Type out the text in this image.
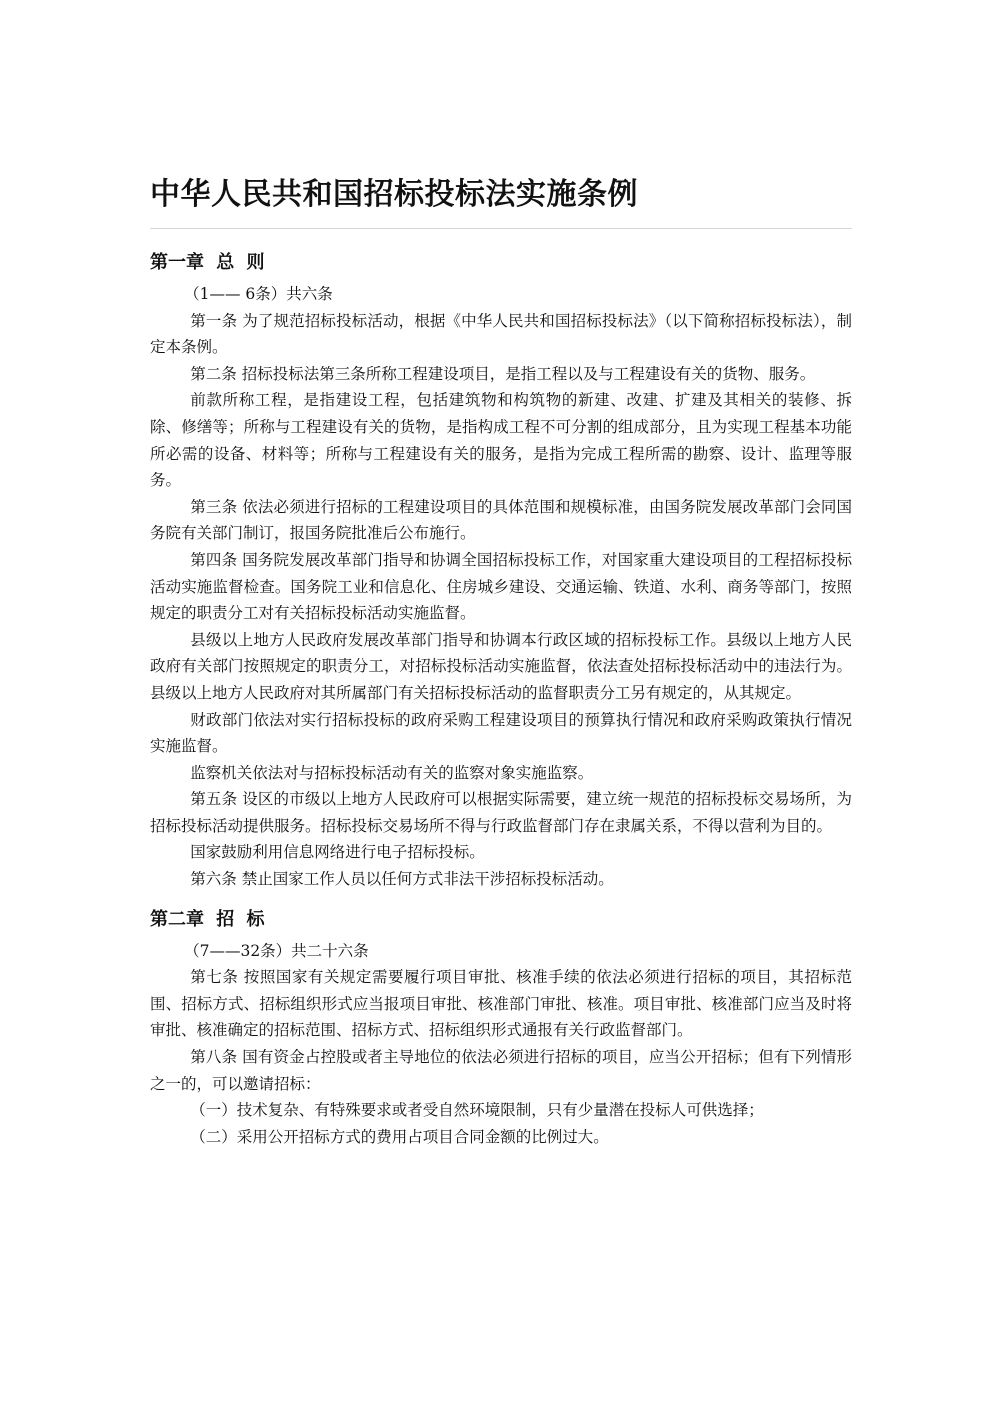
中华人民共和国招标投标法实施条例
第一章 总 则

（1—— 6条）共六条

第一条 为了规范招标投标活动，根据《中华人民共和国招标投标法》（以下简称招标投标法），制定本条例。

第二条 招标投标法第三条所称工程建设项目，是指工程以及与工程建设有关的货物、服务。

前款所称工程，是指建设工程，包括建筑物和构筑物的新建、改建、扩建及其相关的装修、拆除、修缮等；所称与工程建设有关的货物，是指构成工程不可分割的组成部分，且为实现工程基本功能所必需的设备、材料等；所称与工程建设有关的服务，是指为完成工程所需的勘察、设计、监理等服务。

第三条 依法必须进行招标的工程建设项目的具体范围和规模标准，由国务院发展改革部门会同国务院有关部门制订，报国务院批准后公布施行。

第四条 国务院发展改革部门指导和协调全国招标投标工作，对国家重大建设项目的工程招标投标活动实施监督检查。国务院工业和信息化、住房城乡建设、交通运输、铁道、水利、商务等部门，按照规定的职责分工对有关招标投标活动实施监督。

县级以上地方人民政府发展改革部门指导和协调本行政区域的招标投标工作。县级以上地方人民政府有关部门按照规定的职责分工，对招标投标活动实施监督，依法查处招标投标活动中的违法行为。县级以上地方人民政府对其所属部门有关招标投标活动的监督职责分工另有规定的，从其规定。

财政部门依法对实行招标投标的政府采购工程建设项目的预算执行情况和政府采购政策执行情况实施监督。

监察机关依法对与招标投标活动有关的监察对象实施监察。

第五条 设区的市级以上地方人民政府可以根据实际需要，建立统一规范的招标投标交易场所，为招标投标活动提供服务。招标投标交易场所不得与行政监督部门存在隶属关系，不得以营利为目的。

国家鼓励利用信息网络进行电子招标投标。

第六条 禁止国家工作人员以任何方式非法干涉招标投标活动。

第二章 招 标

（7——32条）共二十六条

第七条 按照国家有关规定需要履行项目审批、核准手续的依法必须进行招标的项目，其招标范围、招标方式、招标组织形式应当报项目审批、核准部门审批、核准。项目审批、核准部门应当及时将审批、核准确定的招标范围、招标方式、招标组织形式通报有关行政监督部门。

第八条 国有资金占控股或者主导地位的依法必须进行招标的项目，应当公开招标；但有下列情形之一的，可以邀请招标：

（一）技术复杂、有特殊要求或者受自然环境限制，只有少量潜在投标人可供选择；

（二）采用公开招标方式的费用占项目合同金额的比例过大。
